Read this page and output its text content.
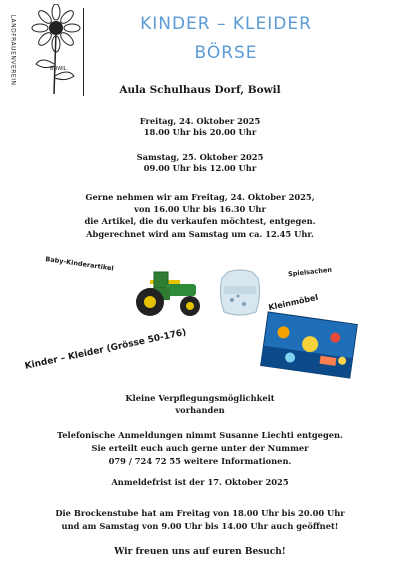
LANDFRAUENVEREIN	BOWIL
KINDER – KLEIDER
BÖRSE
Aula Schulhaus Dorf, Bowil
Freitag, 24. Oktober 2025
18.00 Uhr bis 20.00 Uhr
Samstag, 25. Oktober 2025
09.00 Uhr bis 12.00 Uhr
Gerne nehmen wir am Freitag, 24. Oktober 2025,
von 16.00 Uhr bis 16.30 Uhr
die Artikel, die du verkaufen möchtest, entgegen.
Abgerechnet wird am Samstag um ca. 12.45 Uhr.
Baby-Kinderartikel	Spielsachen
Kleinmöbel
Kinder – Kleider (Grösse 50-176)
Kleine Verpflegungsmöglichkeit
vorhanden
Telefonische Anmeldungen nimmt Susanne Liechti entgegen.
Sie erteilt euch auch gerne unter der Nummer
079 / 724 72 55 weitere Informationen.
Anmeldefrist ist der 17. Oktober 2025
Die Brockenstube hat am Freitag von 18.00 Uhr bis 20.00 Uhr
und am Samstag von 9.00 Uhr bis 14.00 Uhr auch geöffnet!
Wir freuen uns auf euren Besuch!
